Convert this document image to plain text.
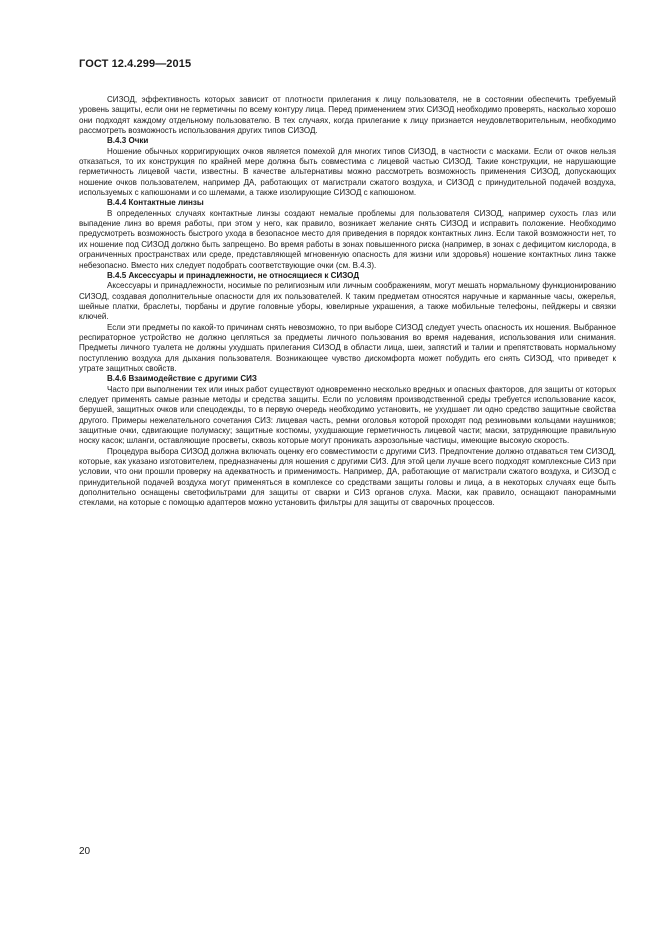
ГОСТ 12.4.299—2015

СИЗОД, эффективность которых зависит от плотности прилегания к лицу пользователя, не в состоянии обеспечить требуемый уровень защиты, если они не герметичны по всему контуру лица. Перед применением этих СИЗОД необходимо проверять, насколько хорошо они подходят каждому отдельному пользователю. В тех случаях, когда прилегание к лицу признается неудовлетворительным, необходимо рассмотреть возможность использования других типов СИЗОД.

В.4.3 Очки

Ношение обычных корригирующих очков является помехой для многих типов СИЗОД, в частности с масками. Если от очков нельзя отказаться, то их конструкция по крайней мере должна быть совместима с лицевой частью СИЗОД. Такие конструкции, не нарушающие герметичность лицевой части, известны. В качестве альтернативы можно рассмотреть возможность применения СИЗОД, допускающих ношение очков пользователем, например ДА, работающих от магистрали сжатого воздуха, и СИЗОД с принудительной подачей воздуха, используемых с капюшонами и со шлемами, а также изолирующие СИЗОД с капюшоном.

В.4.4 Контактные линзы

В определенных случаях контактные линзы создают немалые проблемы для пользователя СИЗОД, например сухость глаз или выпадение линз во время работы, при этом у него, как правило, возникает желание снять СИЗОД и исправить положение. Необходимо предусмотреть возможность быстрого ухода в безопасное место для приведения в порядок контактных линз. Если такой возможности нет, то их ношение под СИЗОД должно быть запрещено. Во время работы в зонах повышенного риска (например, в зонах с дефицитом кислорода, в ограниченных пространствах или среде, представляющей мгновенную опасность для жизни или здоровья) ношение контактных линз также небезопасно. Вместо них следует подобрать соответствующие очки (см. В.4.3).

В.4.5 Аксессуары и принадлежности, не относящиеся к СИЗОД

Аксессуары и принадлежности, носимые по религиозным или личным соображениям, могут мешать нормальному функционированию СИЗОД, создавая дополнительные опасности для их пользователей. К таким предметам относятся наручные и карманные часы, ожерелья, шейные платки, браслеты, тюрбаны и другие головные уборы, ювелирные украшения, а также мобильные телефоны, пейджеры и связки ключей.

Если эти предметы по какой-то причинам снять невозможно, то при выборе СИЗОД следует учесть опасность их ношения. Выбранное респираторное устройство не должно цепляться за предметы личного пользования во время надевания, использования или снимания. Предметы личного туалета не должны ухудшать прилегания СИЗОД в области лица, шеи, запястий и талии и препятствовать нормальному поступлению воздуха для дыхания пользователя. Возникающее чувство дискомфорта может побудить его снять СИЗОД, что приведет к утрате защитных свойств.

В.4.6 Взаимодействие с другими СИЗ

Часто при выполнении тех или иных работ существуют одновременно несколько вредных и опасных факторов, для защиты от которых следует применять самые разные методы и средства защиты. Если по условиям производственной среды требуется использование касок, берушей, защитных очков или спецодежды, то в первую очередь необходимо установить, не ухудшает ли одно средство защитные свойства другого. Примеры нежелательного сочетания СИЗ: лицевая часть, ремни оголовья которой проходят под резиновыми кольцами наушников; защитные очки, сдвигающие полумаску; защитные костюмы, ухудшающие герметичность лицевой части; маски, затрудняющие правильную носку касок; шланги, оставляющие просветы, сквозь которые могут проникать аэрозольные частицы, имеющие высокую скорость.

Процедура выбора СИЗОД должна включать оценку его совместимости с другими СИЗ. Предпочтение должно отдаваться тем СИЗОД, которые, как указано изготовителем, предназначены для ношения с другими СИЗ. Для этой цели лучше всего подходят комплексные СИЗ при условии, что они прошли проверку на адекватность и применимость. Например, ДА, работающие от магистрали сжатого воздуха, и СИЗОД с принудительной подачей воздуха могут применяться в комплексе со средствами защиты головы и лица, а в некоторых случаях еще быть дополнительно оснащены светофильтрами для защиты от сварки и СИЗ органов слуха. Маски, как правило, оснащают панорамными стеклами, на которые с помощью адаптеров можно установить фильтры для защиты от сварочных процессов.

20
